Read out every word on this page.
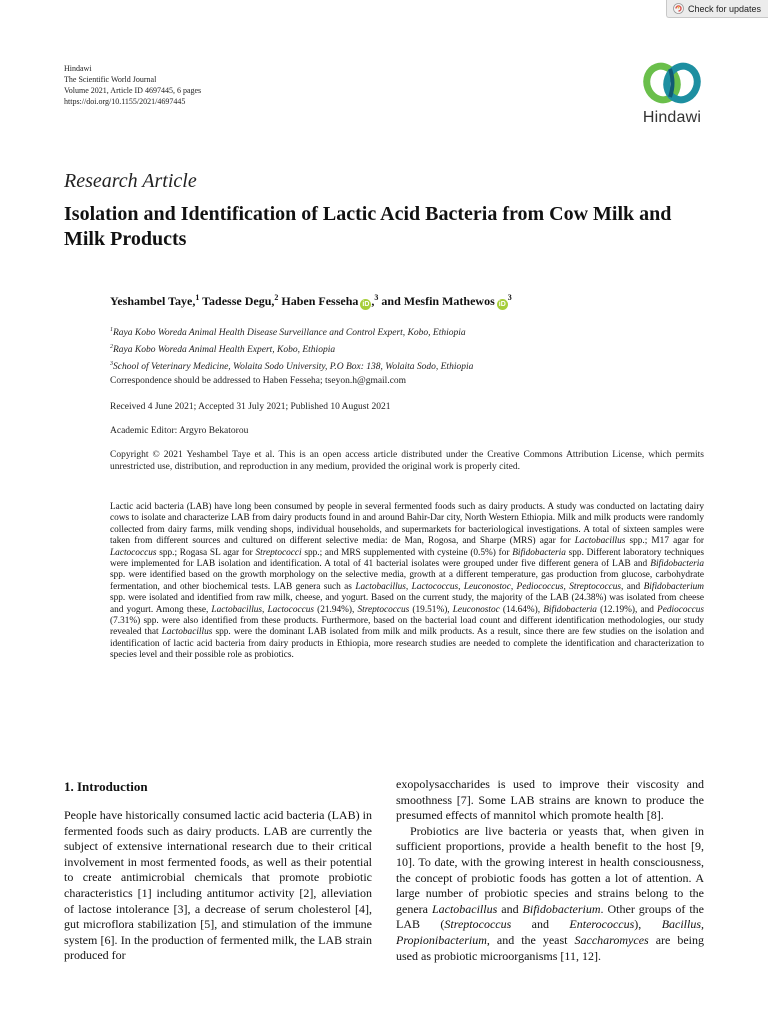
Check for updates
Hindawi
The Scientific World Journal
Volume 2021, Article ID 4697445, 6 pages
https://doi.org/10.1155/2021/4697445
Hindawi
Research Article
Isolation and Identification of Lactic Acid Bacteria from Cow Milk and Milk Products
Yeshambel Taye,$^1$ Tadesse Degu,$^2$ Haben Fesseha iD ,$^3$ and Mesfin Mathewos $iD^3$
$^1$Raya Kobo Woreda Animal Health Disease Surveillance and Control Expert, Kobo, Ethiopia
$^2$Raya Kobo Woreda Animal Health Expert, Kobo, Ethiopia
$^3$School of Veterinary Medicine, Wolaita Sodo University, P.O Box: 138, Wolaita Sodo, Ethiopia
Correspondence should be addressed to Haben Fesseha; tseyon.h@gmail.com
Received 4 June 2021; Accepted 31 July 2021; Published 10 August 2021
Academic Editor: Argyro Bekatorou
Copyright © 2021 Yeshambel Taye et al. This is an open access article distributed under the Creative Commons Attribution License, which permits unrestricted use, distribution, and reproduction in any medium, provided the original work is properly cited.
Lactic acid bacteria (LAB) have long been consumed by people in several fermented foods such as dairy products. A study was conducted on lactating dairy cows to isolate and characterize LAB from dairy products found in and around Bahir-Dar city, North Western Ethiopia. Milk and milk products were randomly collected from dairy farms, milk vending shops, individual households, and supermarkets for bacteriological investigations. A total of sixteen samples were taken from different sources and cultured on different selective media: de Man, Rogosa, and Sharpe (MRS) agar for Lactobacillus spp.; M17 agar for Lactococcus spp.; Rogasa SL agar for Streptococci spp.; and MRS supplemented with cysteine (0.5%) for Bifidobacteria spp. Different laboratory techniques were implemented for LAB isolation and identification. A total of 41 bacterial isolates were grouped under five different genera of LAB and Bifidobacteria spp. were identified based on the growth morphology on the selective media, growth at a different temperature, gas production from glucose, carbohydrate fermentation, and other biochemical tests. LAB genera such as Lactobacillus, Lactococcus, Leuconostoc, Pediococcus, Streptococcus, and Bifidobacterium spp. were isolated and identified from raw milk, cheese, and yogurt. Based on the current study, the majority of the LAB (24.38%) was isolated from cheese and yogurt. Among these, Lactobacillus, Lactococcus (21.94%), Streptococcus (19.51%), Leuconostoc (14.64%), Bifidobacteria (12.19%), and Pediococcus (7.31%) spp. were also identified from these products. Furthermore, based on the bacterial load count and different identification methodologies, our study revealed that Lactobacillus spp. were the dominant LAB isolated from milk and milk products. As a result, since there are few studies on the isolation and identification of lactic acid bacteria from dairy products in Ethiopia, more research studies are needed to complete the identification and characterization to species level and their possible role as probiotics.
1. Introduction

People have historically consumed lactic acid bacteria (LAB) in fermented foods such as dairy products. LAB are currently the subject of extensive international research due to their critical involvement in most fermented foods, as well as their potential to create antimicrobial chemicals that promote probiotic characteristics [1] including antitumor activity [2], alleviation of lactose intolerance [3], a decrease of serum cholesterol [4], gut microflora stabilization [5], and stimulation of the immune system [6]. In the production of fermented milk, the LAB strain produced for

exopolysaccharides is used to improve their viscosity and smoothness [7]. Some LAB strains are known to produce the presumed effects of mannitol which promote health [8].

Probiotics are live bacteria or yeasts that, when given in sufficient proportions, provide a health benefit to the host [9, 10]. To date, with the growing interest in health consciousness, the concept of probiotic foods has gotten a lot of attention. A large number of probiotic species and strains belong to the genera Lactobacillus and Bifidobacterium. Other groups of the LAB (Streptococcus and Enterococcus), Bacillus, Propionibacterium, and the yeast Saccharomyces are being used as probiotic microorganisms [11, 12].
